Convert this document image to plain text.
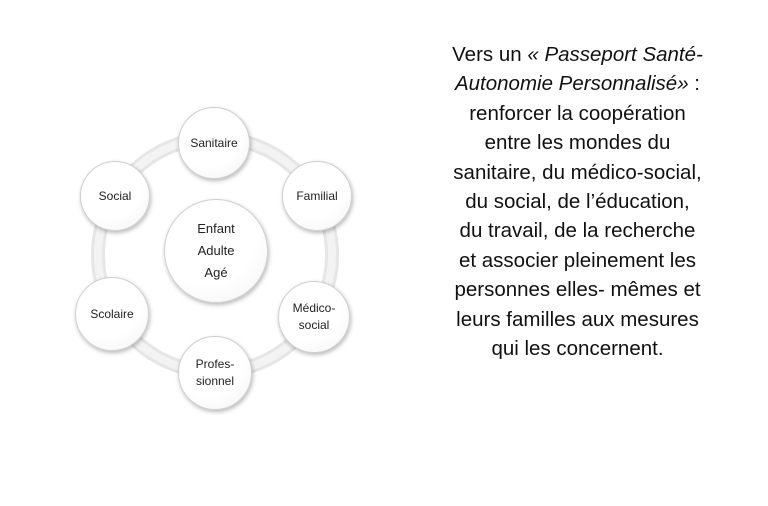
Enfant
Adulte
Agé
Sanitaire
Familial
Médico-
social
Profes-
sionnel
Scolaire
Social
Vers un « Passeport Santé-
Autonomie Personnalisé» :
renforcer la coopération
entre les mondes du
sanitaire, du médico-social,
du social, de l’éducation,
du travail, de la recherche
et associer pleinement les
personnes elles- mêmes et
leurs familles aux mesures
qui les concernent.
